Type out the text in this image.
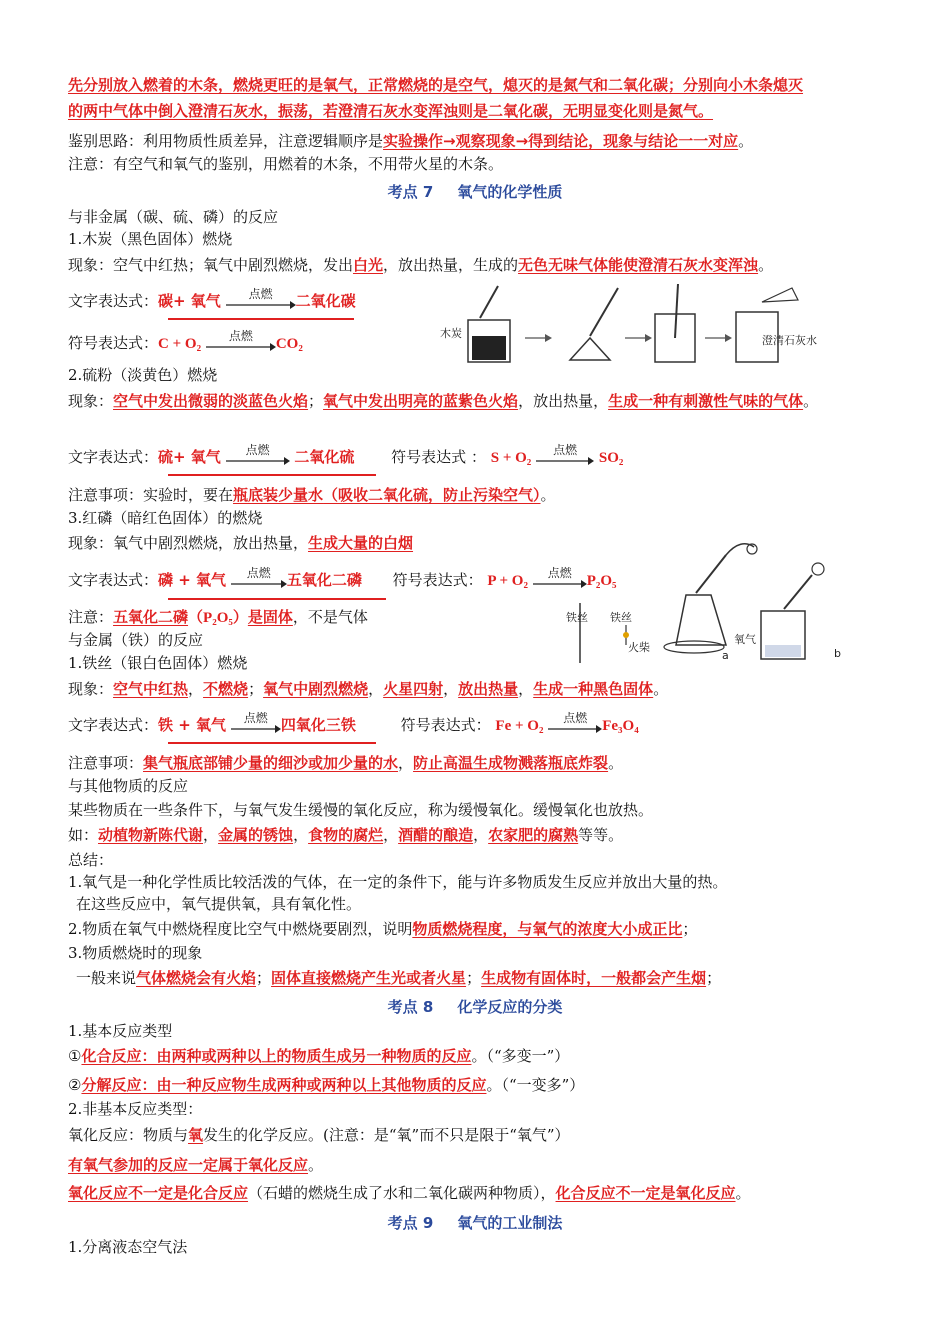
先分别放入燃着的木条，燃烧更旺的是氧气，正常燃烧的是空气，熄灭的是氮气和二氧化碳；分别向小木条熄灭
的两中气体中倒入澄清石灰水，振荡，若澄清石灰水变浑浊则是二氧化碳，无明显变化则是氮气。
鉴别思路：利用物质性质差异，注意逻辑顺序是实验操作→观察现象→得到结论，现象与结论一一对应。
注意：有空气和氧气的鉴别，用燃着的木条，不用带火星的木条。
考点 7 氧气的化学性质
与非金属（碳、硫、磷）的反应
1.木炭（黑色固体）燃烧
现象：空气中红热；氧气中剧烈燃烧，发出白光，放出热量，生成的无色无味气体能使澄清石灰水变浑浊。
文字表达式：碳+ 氧气	点燃	二氧化碳
符号表达式：C + O₂	点燃	CO₂
木炭
澄清石灰水
2.硫粉（淡黄色）燃烧
现象：空气中发出微弱的淡蓝色火焰；氧气中发出明亮的蓝紫色火焰，放出热量，生成一种有刺激性气味的气体。
文字表达式：硫+ 氧气	点燃	二氧化硫 符号表达式 ： S + O₂	点燃	SO₂
注意事项：实验时，要在瓶底装少量水（吸收二氧化硫，防止污染空气）。
3.红磷（暗红色固体）的燃烧
现象：氧气中剧烈燃烧，放出热量，生成大量的白烟
文字表达式：磷 + 氧气	点燃	五氧化二磷 符号表达式： P + O₂	点燃	P₂O₅
注意：五氧化二磷（P₂O₅）是固体，不是气体	铁丝 铁丝
火柴
氧气
a	b
与金属（铁）的反应
1.铁丝（银白色固体）燃烧
现象：空气中红热，不燃烧；氧气中剧烈燃烧，火星四射，放出热量，生成一种黑色固体。
文字表达式：铁 + 氧气	点燃 四氧化三铁	符号表达式： Fe + O₂	点燃	Fe₃O₄
注意事项：集气瓶底部铺少量的细沙或加少量的水，防止高温生成物溅落瓶底炸裂。
与其他物质的反应
某些物质在一些条件下，与氧气发生缓慢的氧化反应，称为缓慢氧化。缓慢氧化也放热。
如：动植物新陈代谢，金属的锈蚀，食物的腐烂，酒醋的酿造，农家肥的腐熟等等。
总结：
1.氧气是一种化学性质比较活泼的气体，在一定的条件下，能与许多物质发生反应并放出大量的热。
在这些反应中，氧气提供氧，具有氧化性。
2.物质在氧气中燃烧程度比空气中燃烧要剧烈，说明物质燃烧程度，与氧气的浓度大小成正比；
3.物质燃烧时的现象
一般来说气体燃烧会有火焰；固体直接燃烧产生光或者火星；生成物有固体时，一般都会产生烟；
考点 8 化学反应的分类
1.基本反应类型
①化合反应：由两种或两种以上的物质生成另一种物质的反应。（“多变一”）
②分解反应：由一种反应物生成两种或两种以上其他物质的反应。（“一变多”）
2.非基本反应类型：
氧化反应：物质与氧发生的化学反应。(注意：是“氧”而不只是限于“氧气”）
有氧气参加的反应一定属于氧化反应。
氧化反应不一定是化合反应（石蜡的燃烧生成了水和二氧化碳两种物质），化合反应不一定是氧化反应。
考点 9 氧气的工业制法
1.分离液态空气法
